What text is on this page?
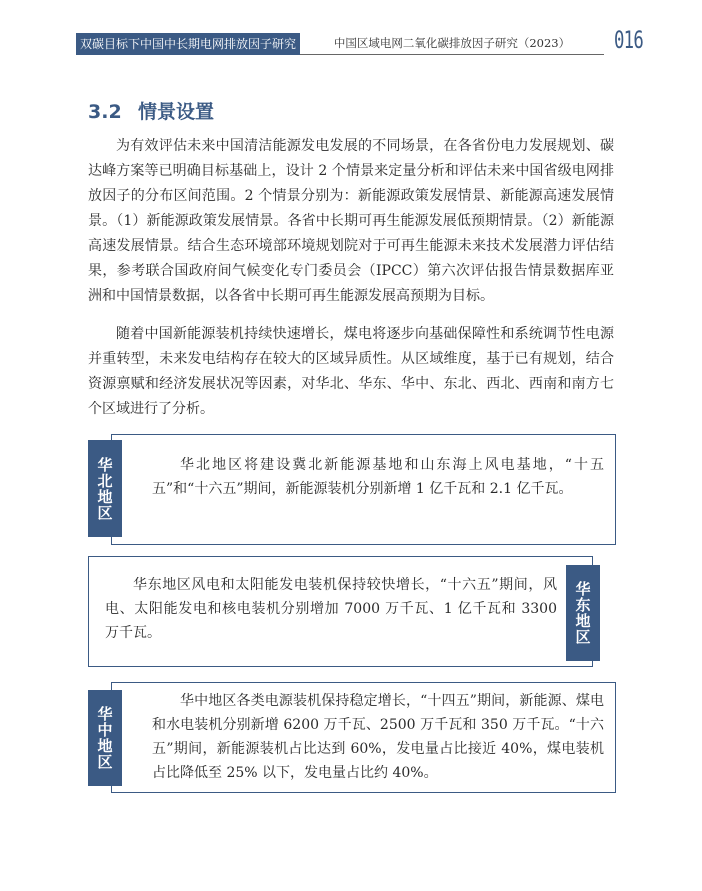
双碳目标下中国中长期电网排放因子研究	中国区域电网二氧化碳排放因子研究（2023）	016
3.2 情景设置

为有效评估未来中国清洁能源发电发展的不同场景，在各省份电力发展规划、碳达峰方案等已明确目标基础上，设计 2 个情景来定量分析和评估未来中国省级电网排放因子的分布区间范围。2 个情景分别为：新能源政策发展情景、新能源高速发展情景。（1）新能源政策发展情景。各省中长期可再生能源发展低预期情景。（2）新能源高速发展情景。结合生态环境部环境规划院对于可再生能源未来技术发展潜力评估结果，参考联合国政府间气候变化专门委员会（IPCC）第六次评估报告情景数据库亚洲和中国情景数据，以各省中长期可再生能源发展高预期为目标。

随着中国新能源装机持续快速增长，煤电将逐步向基础保障性和系统调节性电源并重转型，未来发电结构存在较大的区域异质性。从区域维度，基于已有规划，结合资源禀赋和经济发展状况等因素，对华北、华东、华中、东北、西北、西南和南方七个区域进行了分析。

华北地区将建设冀北新能源基地和山东海上风电基地，“十五五”和“十六五”期间，新能源装机分别新增 1 亿千瓦和 2.1 亿千瓦。

华北地区

华东地区风电和太阳能发电装机保持较快增长，“十六五”期间，风电、太阳能发电和核电装机分别增加 7000 万千瓦、1 亿千瓦和 3300 万千瓦。	华东地区

华中地区各类电源装机保持稳定增长，“十四五”期间，新能源、煤电和水电装机分别新增 6200 万千瓦、2500 万千瓦和 350 万千瓦。“十六五”期间，新能源装机占比达到 60%，发电量占比接近 40%，煤电装机占比降低至 25% 以下，发电量占比约 40%。

华中地区
